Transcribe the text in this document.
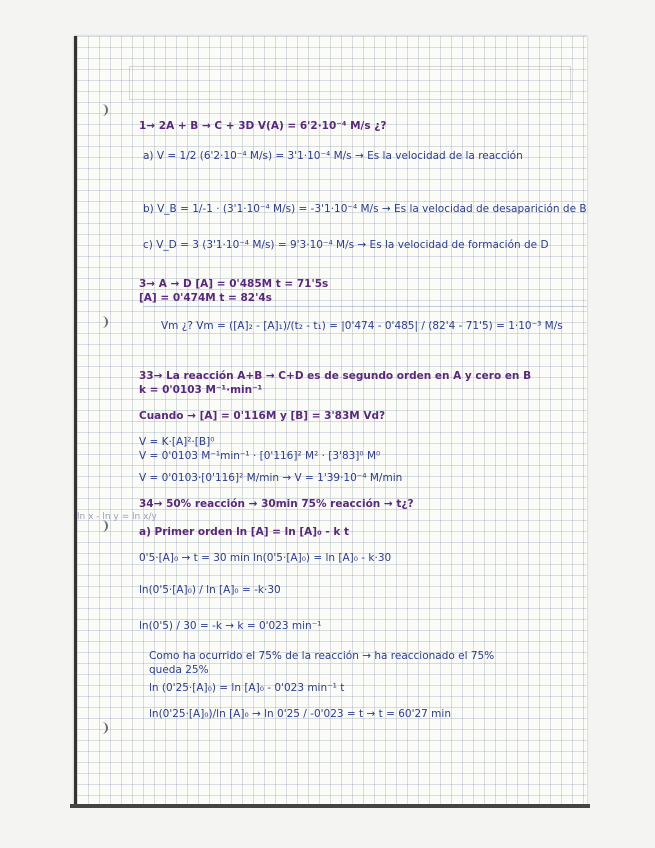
1→ 2A + B → C + 3D V(A) = 6'2·10⁻⁴ M/s ¿?
a) V = 1/2 (6'2·10⁻⁴ M/s) = 3'1·10⁻⁴ M/s → Es la velocidad de la reacción
b) V_B = 1/-1 · (3'1·10⁻⁴ M/s) = -3'1·10⁻⁴ M/s → Es la velocidad de desaparición de B
c) V_D = 3 (3'1·10⁻⁴ M/s) = 9'3·10⁻⁴ M/s → Es la velocidad de formación de D
3→ A → D [A] = 0'485M t = 71'5s
[A] = 0'474M t = 82'4s
Vm ¿? Vm = ([A]₂ - [A]₁)/(t₂ - t₁) = |0'474 - 0'485| / (82'4 - 71'5) = 1·10⁻³ M/s
33→ La reacción A+B → C+D es de segundo orden en A y cero en B
k = 0'0103 M⁻¹·min⁻¹
Cuando → [A] = 0'116M y [B] = 3'83M Vd?
V = K·[A]²·[B]⁰
V = 0'0103 M⁻¹min⁻¹ · [0'116]² M² · [3'83]⁰ M⁰
V = 0'0103·[0'116]² M/min → V = 1'39·10⁻⁴ M/min
34→ 50% reacción → 30min 75% reacción → t¿?
ln x - ln y = ln x/y
a) Primer orden ln [A] = ln [A]₀ - k t
0'5·[A]₀ → t = 30 min ln(0'5·[A]₀) = ln [A]₀ - k·30
ln(0'5·[A]₀) / ln [A]₀ = -k·30
ln(0'5) / 30 = -k → k = 0'023 min⁻¹
Como ha ocurrido el 75% de la reacción → ha reaccionado el 75%
queda 25%
ln (0'25·[A]₀) = ln [A]₀ - 0'023 min⁻¹ t
ln(0'25·[A]₀)/ln [A]₀ → ln 0'25 / -0'023 = t → t = 60'27 min
